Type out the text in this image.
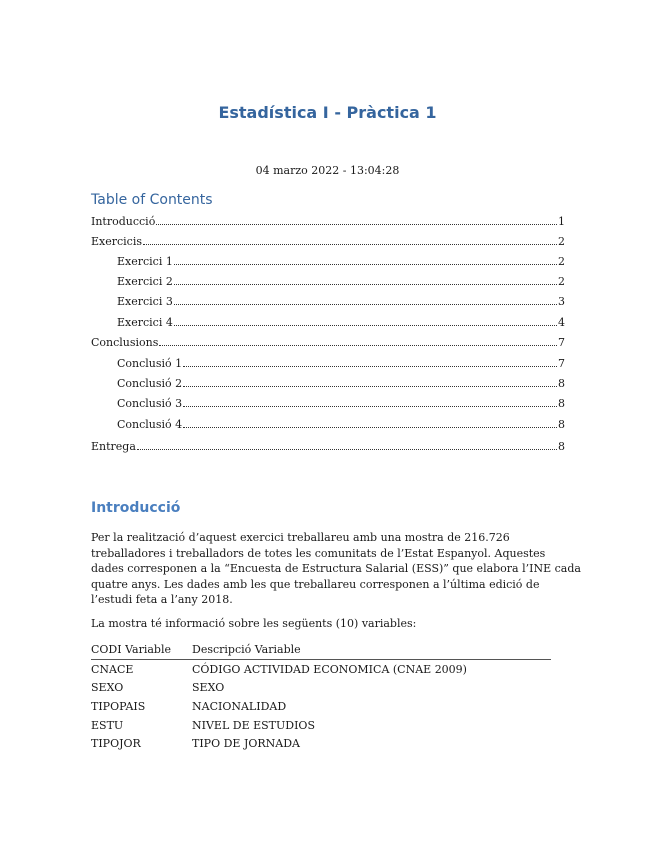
Estadística I - Pràctica 1
04 marzo 2022 - 13:04:28
Table of Contents
Introducció	1
Exercicis	2
Exercici 1	2
Exercici 2	2
Exercici 3	3
Exercici 4	4
Conclusions	7
Conclusió 1	7
Conclusió 2	8
Conclusió 3	8
Conclusió 4	8
Entrega	8
Introducció
Per la realització d’aquest exercici treballareu amb una mostra de 216.726
treballadores i treballadors de totes les comunitats de l’Estat Espanyol. Aquestes
dades corresponen a la “Encuesta de Estructura Salarial (ESS)” que elabora l’INE cada
quatre anys. Les dades amb les que treballareu corresponen a l’última edició de
l’estudi feta a l’any 2018.
La mostra té informació sobre les següents (10) variables:
CODI Variable	Descripció Variable
CNACE	CÓDIGO ACTIVIDAD ECONOMICA (CNAE 2009)
SEXO	SEXO
TIPOPAIS	NACIONALIDAD
ESTU	NIVEL DE ESTUDIOS
TIPOJOR	TIPO DE JORNADA
